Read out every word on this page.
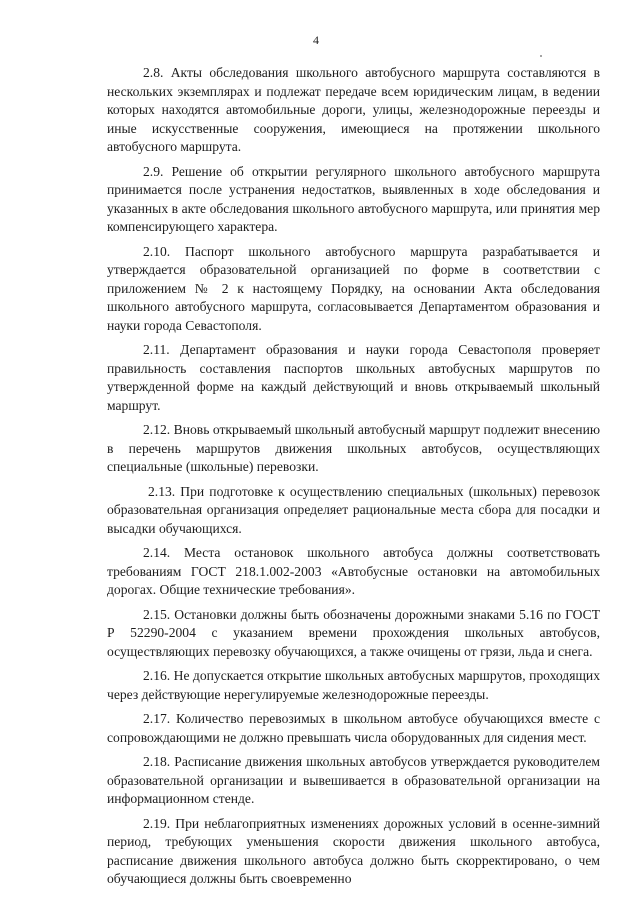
4

2.8. Акты обследования школьного автобусного маршрута составляются в нескольких экземплярах и подлежат передаче всем юридическим лицам, в ведении которых находятся автомобильные дороги, улицы, железнодорожные переезды и иные искусственные сооружения, имеющиеся на протяжении школьного автобусного маршрута.

2.9. Решение об открытии регулярного школьного автобусного маршрута принимается после устранения недостатков, выявленных в ходе обследования и указанных в акте обследования школьного автобусного маршрута, или принятия мер компенсирующего характера.

2.10. Паспорт школьного автобусного маршрута разрабатывается и утверждается образовательной организацией по форме в соответствии с приложением № 2 к настоящему Порядку, на основании Акта обследования школьного автобусного маршрута, согласовывается Департаментом образования и науки города Севастополя.

2.11. Департамент образования и науки города Севастополя проверяет правильность составления паспортов школьных автобусных маршрутов по утвержденной форме на каждый действующий и вновь открываемый школьный маршрут.

2.12. Вновь открываемый школьный автобусный маршрут подлежит внесению в перечень маршрутов движения школьных автобусов, осуществляющих специальные (школьные) перевозки.

2.13. При подготовке к осуществлению специальных (школьных) перевозок образовательная организация определяет рациональные места сбора для посадки и высадки обучающихся.

2.14. Места остановок школьного автобуса должны соответствовать требованиям ГОСТ 218.1.002-2003 «Автобусные остановки на автомобильных дорогах. Общие технические требования».

2.15. Остановки должны быть обозначены дорожными знаками 5.16 по ГОСТ Р 52290-2004 с указанием времени прохождения школьных автобусов, осуществляющих перевозку обучающихся, а также очищены от грязи, льда и снега.

2.16. Не допускается открытие школьных автобусных маршрутов, проходящих через действующие нерегулируемые железнодорожные переезды.

2.17. Количество перевозимых в школьном автобусе обучающихся вместе с сопровождающими не должно превышать числа оборудованных для сидения мест.

2.18. Расписание движения школьных автобусов утверждается руководителем образовательной организации и вывешивается в образовательной организации на информационном стенде.

2.19. При неблагоприятных изменениях дорожных условий в осенне-зимний период, требующих уменьшения скорости движения школьного автобуса, расписание движения школьного автобуса должно быть скорректировано, о чем обучающиеся должны быть своевременно
